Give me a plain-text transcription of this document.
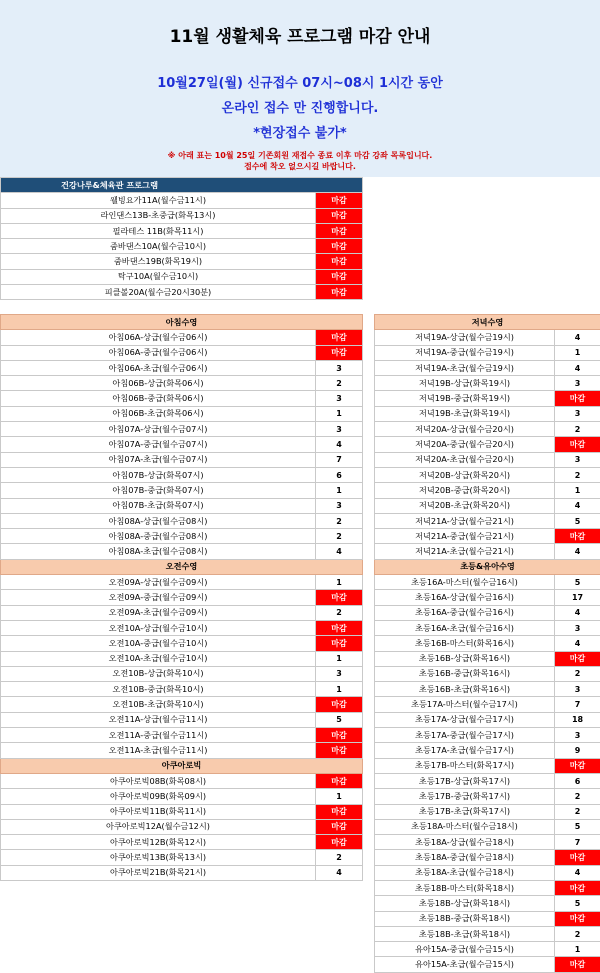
11월 생활체육 프로그램 마감 안내
10월27일(월) 신규접수 07시~08시 1시간 동안
온라인 접수 만 진행합니다.
*현장접수 불가*
※ 아래 표는 10월 25일 기존회원 재접수 종료 이후 마감 강좌 목록입니다.
접수에 착오 없으시길 바랍니다.
건강나루&체육관 프로그램	
웰빙요가11A(월수금11시)	마감
라인댄스13B-초중급(화목13시)	마감
필라테스 11B(화목11시)	마감
줌바댄스10A(월수금10시)	마감
줌바댄스19B(화목19시)	마감
탁구10A(월수금10시)	마감
피클볼20A(월수금20시30분)	마감
아침수영	
아침06A-상급(월수금06시)	마감
아침06A-중급(월수금06시)	마감
아침06A-초급(월수금06시)	3
아침06B-상급(화목06시)	2
아침06B-중급(화목06시)	3
아침06B-초급(화목06시)	1
아침07A-상급(월수금07시)	3
아침07A-중급(월수금07시)	4
아침07A-초급(월수금07시)	7
아침07B-상급(화목07시)	6
아침07B-중급(화목07시)	1
아침07B-초급(화목07시)	3
아침08A-상급(월수금08시)	2
아침08A-중급(월수금08시)	2
아침08A-초급(월수금08시)	4
오전수영	
오전09A-상급(월수금09시)	1
오전09A-중급(월수금09시)	마감
오전09A-초급(월수금09시)	2
오전10A-상급(월수금10시)	마감
오전10A-중급(월수금10시)	마감
오전10A-초급(월수금10시)	1
오전10B-상급(화목10시)	3
오전10B-중급(화목10시)	1
오전10B-초급(화목10시)	마감
오전11A-상급(월수금11시)	5
오전11A-중급(월수금11시)	마감
오전11A-초급(월수금11시)	마감
아쿠아로빅	
아쿠아로빅08B(화목08시)	마감
아쿠아로빅09B(화목09시)	1
아쿠아로빅11B(화목11시)	마감
아쿠아로빅12A(월수금12시)	마감
아쿠아로빅12B(화목12시)	마감
아쿠아로빅13B(화목13시)	2
아쿠아로빅21B(화목21시)	4
저녁수영	
저녁19A-상급(월수금19시)	4
저녁19A-중급(월수금19시)	1
저녁19A-초급(월수금19시)	4
저녁19B-상급(화목19시)	3
저녁19B-중급(화목19시)	마감
저녁19B-초급(화목19시)	3
저녁20A-상급(월수금20시)	2
저녁20A-중급(월수금20시)	마감
저녁20A-초급(월수금20시)	3
저녁20B-상급(화목20시)	2
저녁20B-중급(화목20시)	1
저녁20B-초급(화목20시)	4
저녁21A-상급(월수금21시)	5
저녁21A-중급(월수금21시)	마감
저녁21A-초급(월수금21시)	4
초등&유아수영	
초등16A-마스터(월수금16시)	5
초등16A-상급(월수금16시)	17
초등16A-중급(월수금16시)	4
초등16A-초급(월수금16시)	3
초등16B-마스터(화목16시)	4
초등16B-상급(화목16시)	마감
초등16B-중급(화목16시)	2
초등16B-초급(화목16시)	3
초등17A-마스터(월수금17시)	7
초등17A-상급(월수금17시)	18
초등17A-중급(월수금17시)	3
초등17A-초급(월수금17시)	9
초등17B-마스터(화목17시)	마감
초등17B-상급(화목17시)	6
초등17B-중급(화목17시)	2
초등17B-초급(화목17시)	2
초등18A-마스터(월수금18시)	5
초등18A-상급(월수금18시)	7
초등18A-중급(월수금18시)	마감
초등18A-초급(월수금18시)	4
초등18B-마스터(화목18시)	마감
초등18B-상급(화목18시)	5
초등18B-중급(화목18시)	마감
초등18B-초급(화목18시)	2
유아15A-중급(월수금15시)	1
유아15A-초급(월수금15시)	마감
